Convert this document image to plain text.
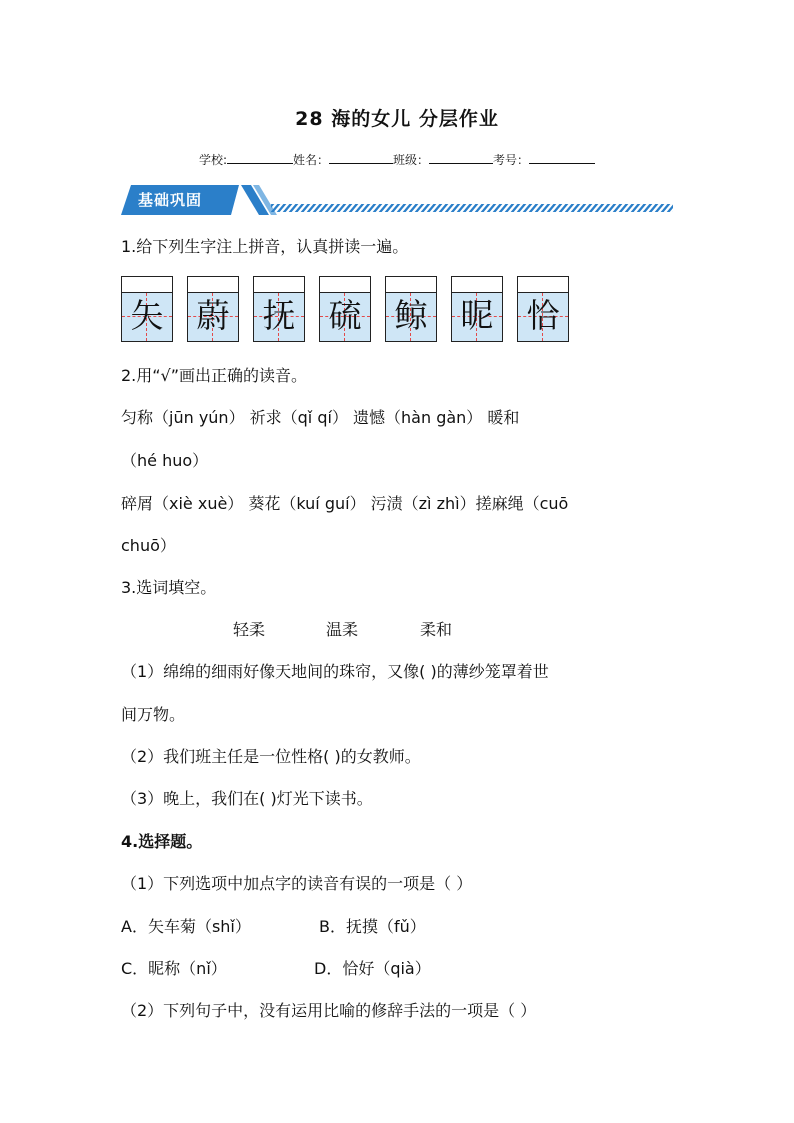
28 海的女儿 分层作业
学校:	姓名：	班级：	考号：
基础巩固
1.给下列生字注上拼音，认真拼读一遍。
矢 蔚 抚 硫 鲸 昵 恰
2.用“√”画出正确的读音。
匀称（jūn yún） 祈求（qǐ qí） 遗憾（hàn gàn） 暖和
（hé huo）
碎屑（xiè xuè） 葵花（kuí guí） 污渍（zì zhì）搓麻绳（cuō
chuō）
3.选词填空。
轻柔	温柔	柔和
（1）绵绵的细雨好像天地间的珠帘，又像( )的薄纱笼罩着世
间万物。
（2）我们班主任是一位性格( )的女教师。
（3）晚上，我们在( )灯光下读书。
4.选择题。
（1）下列选项中加点字的读音有误的一项是（ ）
A．矢车菊（shǐ）	B．抚摸（fǔ）
C．昵称（nǐ）	D．恰好（qià）
（2）下列句子中，没有运用比喻的修辞手法的一项是（ ）
